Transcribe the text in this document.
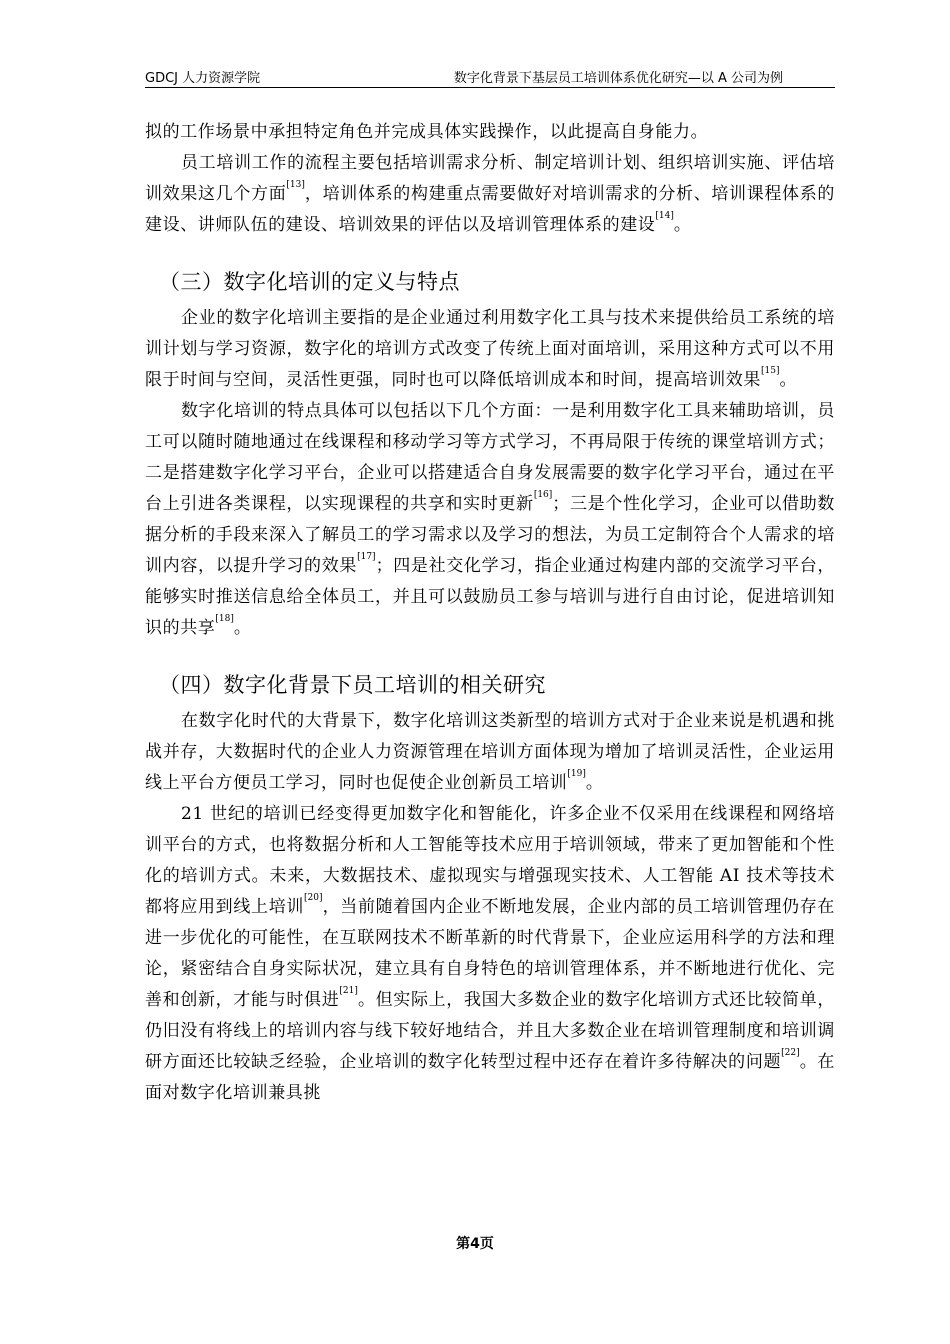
GDCJ 人力资源学院	数字化背景下基层员工培训体系优化研究—以 A 公司为例

拟的工作场景中承担特定角色并完成具体实践操作，以此提高自身能力。

员工培训工作的流程主要包括培训需求分析、制定培训计划、组织培训实施、评估培训效果这几个方面[13]，培训体系的构建重点需要做好对培训需求的分析、培训课程体系的建设、讲师队伍的建设、培训效果的评估以及培训管理体系的建设[14]。

（三）数字化培训的定义与特点

企业的数字化培训主要指的是企业通过利用数字化工具与技术来提供给员工系统的培训计划与学习资源，数字化的培训方式改变了传统上面对面培训，采用这种方式可以不用限于时间与空间，灵活性更强，同时也可以降低培训成本和时间，提高培训效果[15]。

数字化培训的特点具体可以包括以下几个方面：一是利用数字化工具来辅助培训，员工可以随时随地通过在线课程和移动学习等方式学习，不再局限于传统的课堂培训方式；二是搭建数字化学习平台，企业可以搭建适合自身发展需要的数字化学习平台，通过在平台上引进各类课程，以实现课程的共享和实时更新[16]；三是个性化学习，企业可以借助数据分析的手段来深入了解员工的学习需求以及学习的想法，为员工定制符合个人需求的培训内容，以提升学习的效果[17]；四是社交化学习，指企业通过构建内部的交流学习平台，能够实时推送信息给全体员工，并且可以鼓励员工参与培训与进行自由讨论，促进培训知识的共享[18]。

（四）数字化背景下员工培训的相关研究

在数字化时代的大背景下，数字化培训这类新型的培训方式对于企业来说是机遇和挑战并存，大数据时代的企业人力资源管理在培训方面体现为增加了培训灵活性，企业运用线上平台方便员工学习，同时也促使企业创新员工培训[19]。

21 世纪的培训已经变得更加数字化和智能化，许多企业不仅采用在线课程和网络培训平台的方式，也将数据分析和人工智能等技术应用于培训领域，带来了更加智能和个性化的培训方式。未来，大数据技术、虚拟现实与增强现实技术、人工智能 AI 技术等技术都将应用到线上培训[20]，当前随着国内企业不断地发展，企业内部的员工培训管理仍存在进一步优化的可能性，在互联网技术不断革新的时代背景下，企业应运用科学的方法和理论，紧密结合自身实际状况，建立具有自身特色的培训管理体系，并不断地进行优化、完善和创新，才能与时俱进[21]。但实际上，我国大多数企业的数字化培训方式还比较简单，仍旧没有将线上的培训内容与线下较好地结合，并且大多数企业在培训管理制度和培训调研方面还比较缺乏经验，企业培训的数字化转型过程中还存在着许多待解决的问题[22]。在面对数字化培训兼具挑

第4页
